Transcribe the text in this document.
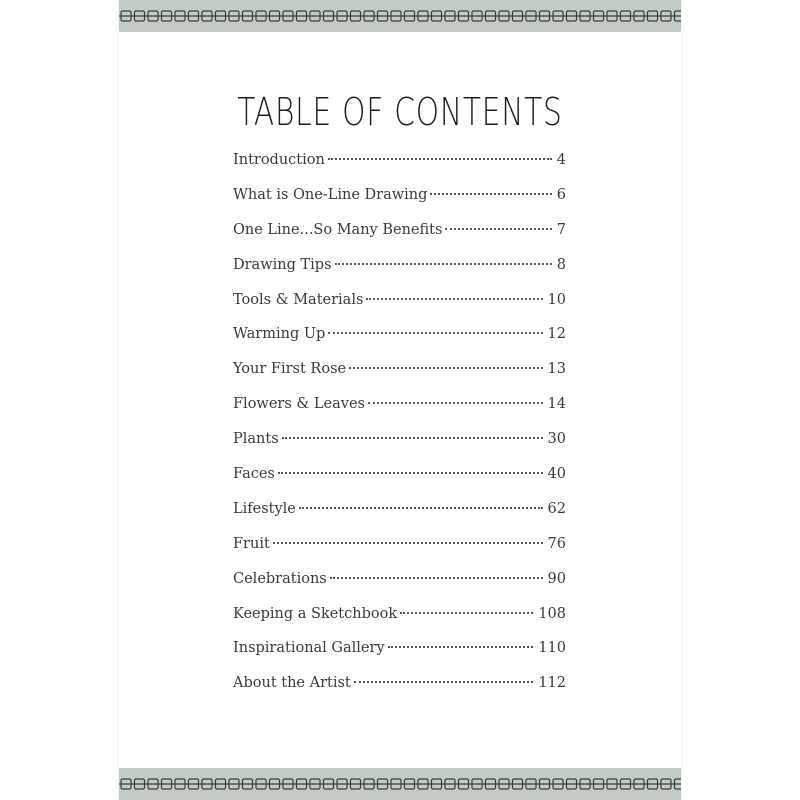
TABLE OF CONTENTS
Introduction	4
What is One-Line Drawing	6
One Line...So Many Benefits	7
Drawing Tips	8
Tools & Materials	10
Warming Up	12
Your First Rose	13
Flowers & Leaves	14
Plants	30
Faces	40
Lifestyle	62
Fruit	76
Celebrations	90
Keeping a Sketchbook	108
Inspirational Gallery	110
About the Artist	112
